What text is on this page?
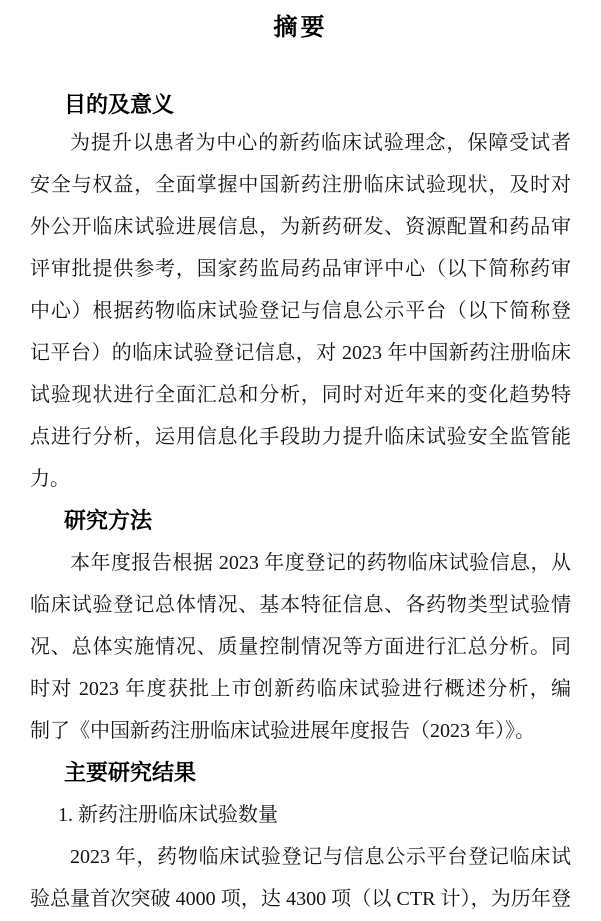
摘要
目的及意义
为提升以患者为中心的新药临床试验理念，保障受试者
安全与权益，全面掌握中国新药注册临床试验现状，及时对
外公开临床试验进展信息，为新药研发、资源配置和药品审
评审批提供参考，国家药监局药品审评中心（以下简称药审
中心）根据药物临床试验登记与信息公示平台（以下简称登
记平台）的临床试验登记信息，对 2023 年中国新药注册临床
试验现状进行全面汇总和分析，同时对近年来的变化趋势特
点进行分析，运用信息化手段助力提升临床试验安全监管能
力。
研究方法
本年度报告根据 2023 年度登记的药物临床试验信息，从
临床试验登记总体情况、基本特征信息、各药物类型试验情
况、总体实施情况、质量控制情况等方面进行汇总分析。同
时对 2023 年度获批上市创新药临床试验进行概述分析，编
制了《中国新药注册临床试验进展年度报告（2023 年）》。
主要研究结果
1. 新药注册临床试验数量
2023 年，药物临床试验登记与信息公示平台登记临床试
验总量首次突破 4000 项，达 4300 项（以 CTR 计），为历年登
